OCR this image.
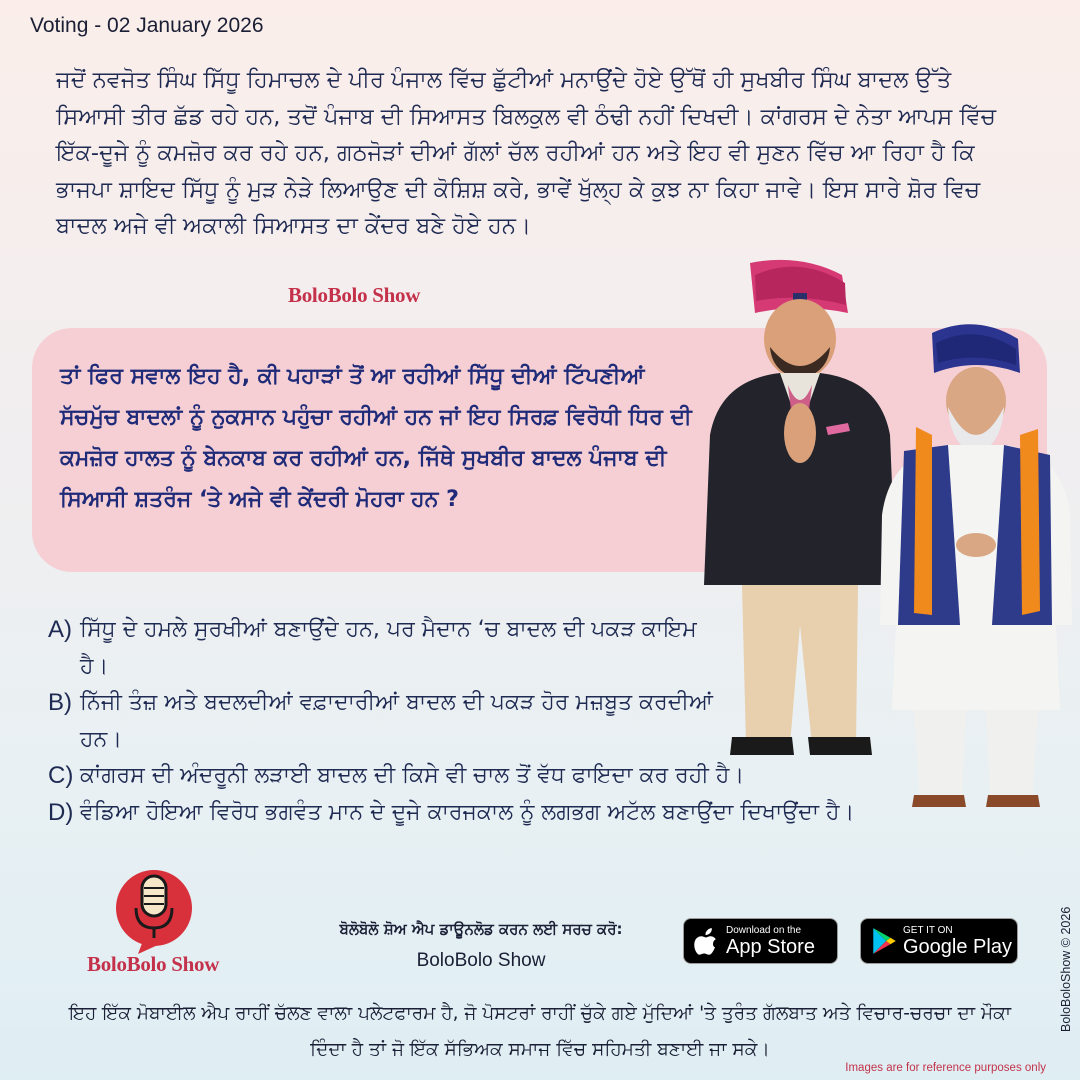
Voting - 02 January 2026
ਜਦੋਂ ਨਵਜੋਤ ਸਿੰਘ ਸਿੱਧੂ ਹਿਮਾਚਲ ਦੇ ਪੀਰ ਪੰਜਾਲ ਵਿੱਚ ਛੁੱਟੀਆਂ ਮਨਾਉਂਦੇ ਹੋਏ ਉੱਥੋਂ ਹੀ ਸੁਖਬੀਰ ਸਿੰਘ ਬਾਦਲ ਉੱਤੇ ਸਿਆਸੀ ਤੀਰ ਛੱਡ ਰਹੇ ਹਨ, ਤਦੋਂ ਪੰਜਾਬ ਦੀ ਸਿਆਸਤ ਬਿਲਕੁਲ ਵੀ ਠੰਢੀ ਨਹੀਂ ਦਿਖਦੀ। ਕਾਂਗਰਸ ਦੇ ਨੇਤਾ ਆਪਸ ਵਿੱਚ ਇੱਕ-ਦੂਜੇ ਨੂੰ ਕਮਜ਼ੋਰ ਕਰ ਰਹੇ ਹਨ, ਗਠਜੋੜਾਂ ਦੀਆਂ ਗੱਲਾਂ ਚੱਲ ਰਹੀਆਂ ਹਨ ਅਤੇ ਇਹ ਵੀ ਸੁਣਨ ਵਿੱਚ ਆ ਰਿਹਾ ਹੈ ਕਿ ਭਾਜਪਾ ਸ਼ਾਇਦ ਸਿੱਧੂ ਨੂੰ ਮੁੜ ਨੇੜੇ ਲਿਆਉਣ ਦੀ ਕੋਸ਼ਿਸ਼ ਕਰੇ, ਭਾਵੇਂ ਖੁੱਲ੍ਹ ਕੇ ਕੁਝ ਨਾ ਕਿਹਾ ਜਾਵੇ। ਇਸ ਸਾਰੇ ਸ਼ੋਰ ਵਿਚ ਬਾਦਲ ਅਜੇ ਵੀ ਅਕਾਲੀ ਸਿਆਸਤ ਦਾ ਕੇਂਦਰ ਬਣੇ ਹੋਏ ਹਨ।
BoloBolo Show
ਤਾਂ ਫਿਰ ਸਵਾਲ ਇਹ ਹੈ, ਕੀ ਪਹਾੜਾਂ ਤੋਂ ਆ ਰਹੀਆਂ ਸਿੱਧੂ ਦੀਆਂ ਟਿੱਪਣੀਆਂ ਸੱਚਮੁੱਚ ਬਾਦਲਾਂ ਨੂੰ ਨੁਕਸਾਨ ਪਹੁੰਚਾ ਰਹੀਆਂ ਹਨ ਜਾਂ ਇਹ ਸਿਰਫ਼ ਵਿਰੋਧੀ ਧਿਰ ਦੀ ਕਮਜ਼ੋਰ ਹਾਲਤ ਨੂੰ ਬੇਨਕਾਬ ਕਰ ਰਹੀਆਂ ਹਨ, ਜਿੱਥੇ ਸੁਖਬੀਰ ਬਾਦਲ ਪੰਜਾਬ ਦੀ ਸਿਆਸੀ ਸ਼ਤਰੰਜ ‘ਤੇ ਅਜੇ ਵੀ ਕੇਂਦਰੀ ਮੋਹਰਾ ਹਨ ?
A) ਸਿੱਧੂ ਦੇ ਹਮਲੇ ਸੁਰਖੀਆਂ ਬਣਾਉਂਦੇ ਹਨ, ਪਰ ਮੈਦਾਨ ‘ਚ ਬਾਦਲ ਦੀ ਪਕੜ ਕਾਇਮ ਹੈ।
B) ਨਿੱਜੀ ਤੰਜ਼ ਅਤੇ ਬਦਲਦੀਆਂ ਵਫ਼ਾਦਾਰੀਆਂ ਬਾਦਲ ਦੀ ਪਕੜ ਹੋਰ ਮਜ਼ਬੂਤ ਕਰਦੀਆਂ ਹਨ।
C) ਕਾਂਗਰਸ ਦੀ ਅੰਦਰੂਨੀ ਲੜਾਈ ਬਾਦਲ ਦੀ ਕਿਸੇ ਵੀ ਚਾਲ ਤੋਂ ਵੱਧ ਫਾਇਦਾ ਕਰ ਰਹੀ ਹੈ।
D) ਵੰਡਿਆ ਹੋਇਆ ਵਿਰੋਧ ਭਗਵੰਤ ਮਾਨ ਦੇ ਦੂਜੇ ਕਾਰਜਕਾਲ ਨੂੰ ਲਗਭਗ ਅਟੱਲ ਬਣਾਉਂਦਾ ਦਿਖਾਉਂਦਾ ਹੈ।
BoloBolo Show
ਬੋਲੋਬੋਲੋ ਸ਼ੋਅ ਐਪ ਡਾਊਨਲੋਡ ਕਰਨ ਲਈ ਸਰਚ ਕਰੋ:
BoloBolo Show
Download on the
App Store
GET IT ON
Google Play
ਇਹ ਇੱਕ ਮੋਬਾਈਲ ਐਪ ਰਾਹੀਂ ਚੱਲਣ ਵਾਲਾ ਪਲੇਟਫਾਰਮ ਹੈ, ਜੋ ਪੋਸਟਰਾਂ ਰਾਹੀਂ ਚੁੱਕੇ ਗਏ ਮੁੱਦਿਆਂ 'ਤੇ ਤੁਰੰਤ ਗੱਲਬਾਤ ਅਤੇ ਵਿਚਾਰ-ਚਰਚਾ ਦਾ ਮੌਕਾ ਦਿੰਦਾ ਹੈ ਤਾਂ ਜੋ ਇੱਕ ਸੱਭਿਅਕ ਸਮਾਜ ਵਿੱਚ ਸਹਿਮਤੀ ਬਣਾਈ ਜਾ ਸਕੇ।
BoloBoloShow © 2026
Images are for reference purposes only
